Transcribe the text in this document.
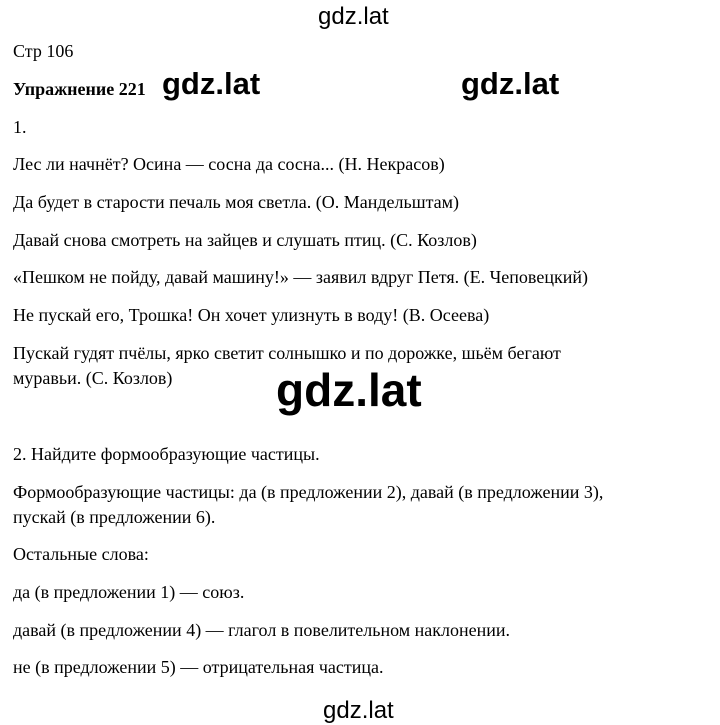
gdz.lat
Стр 106
Упражнение 221 gdz.lat	gdz.lat
1.
Лес ли начнёт? Осина — сосна да сосна... (Н. Некрасов)
Да будет в старости печаль моя светла. (О. Мандельштам)
Давай снова смотреть на зайцев и слушать птиц. (С. Козлов)
«Пешком не пойду, давай машину!» — заявил вдруг Петя. (Е. Чеповецкий)
Не пускай его, Трошка! Он хочет улизнуть в воду! (В. Осеева)
Пускай гудят пчёлы, ярко светит солнышко и по дорожке, шьём бегают
муравьи. (С. Козлов) gdz.lat
2. Найдите формообразующие частицы.
Формообразующие частицы: да (в предложении 2), давай (в предложении 3),
пускай (в предложении 6).
Остальные слова:
да (в предложении 1) — союз.
давай (в предложении 4) — глагол в повелительном наклонении.
не (в предложении 5) — отрицательная частица.
gdz.lat
